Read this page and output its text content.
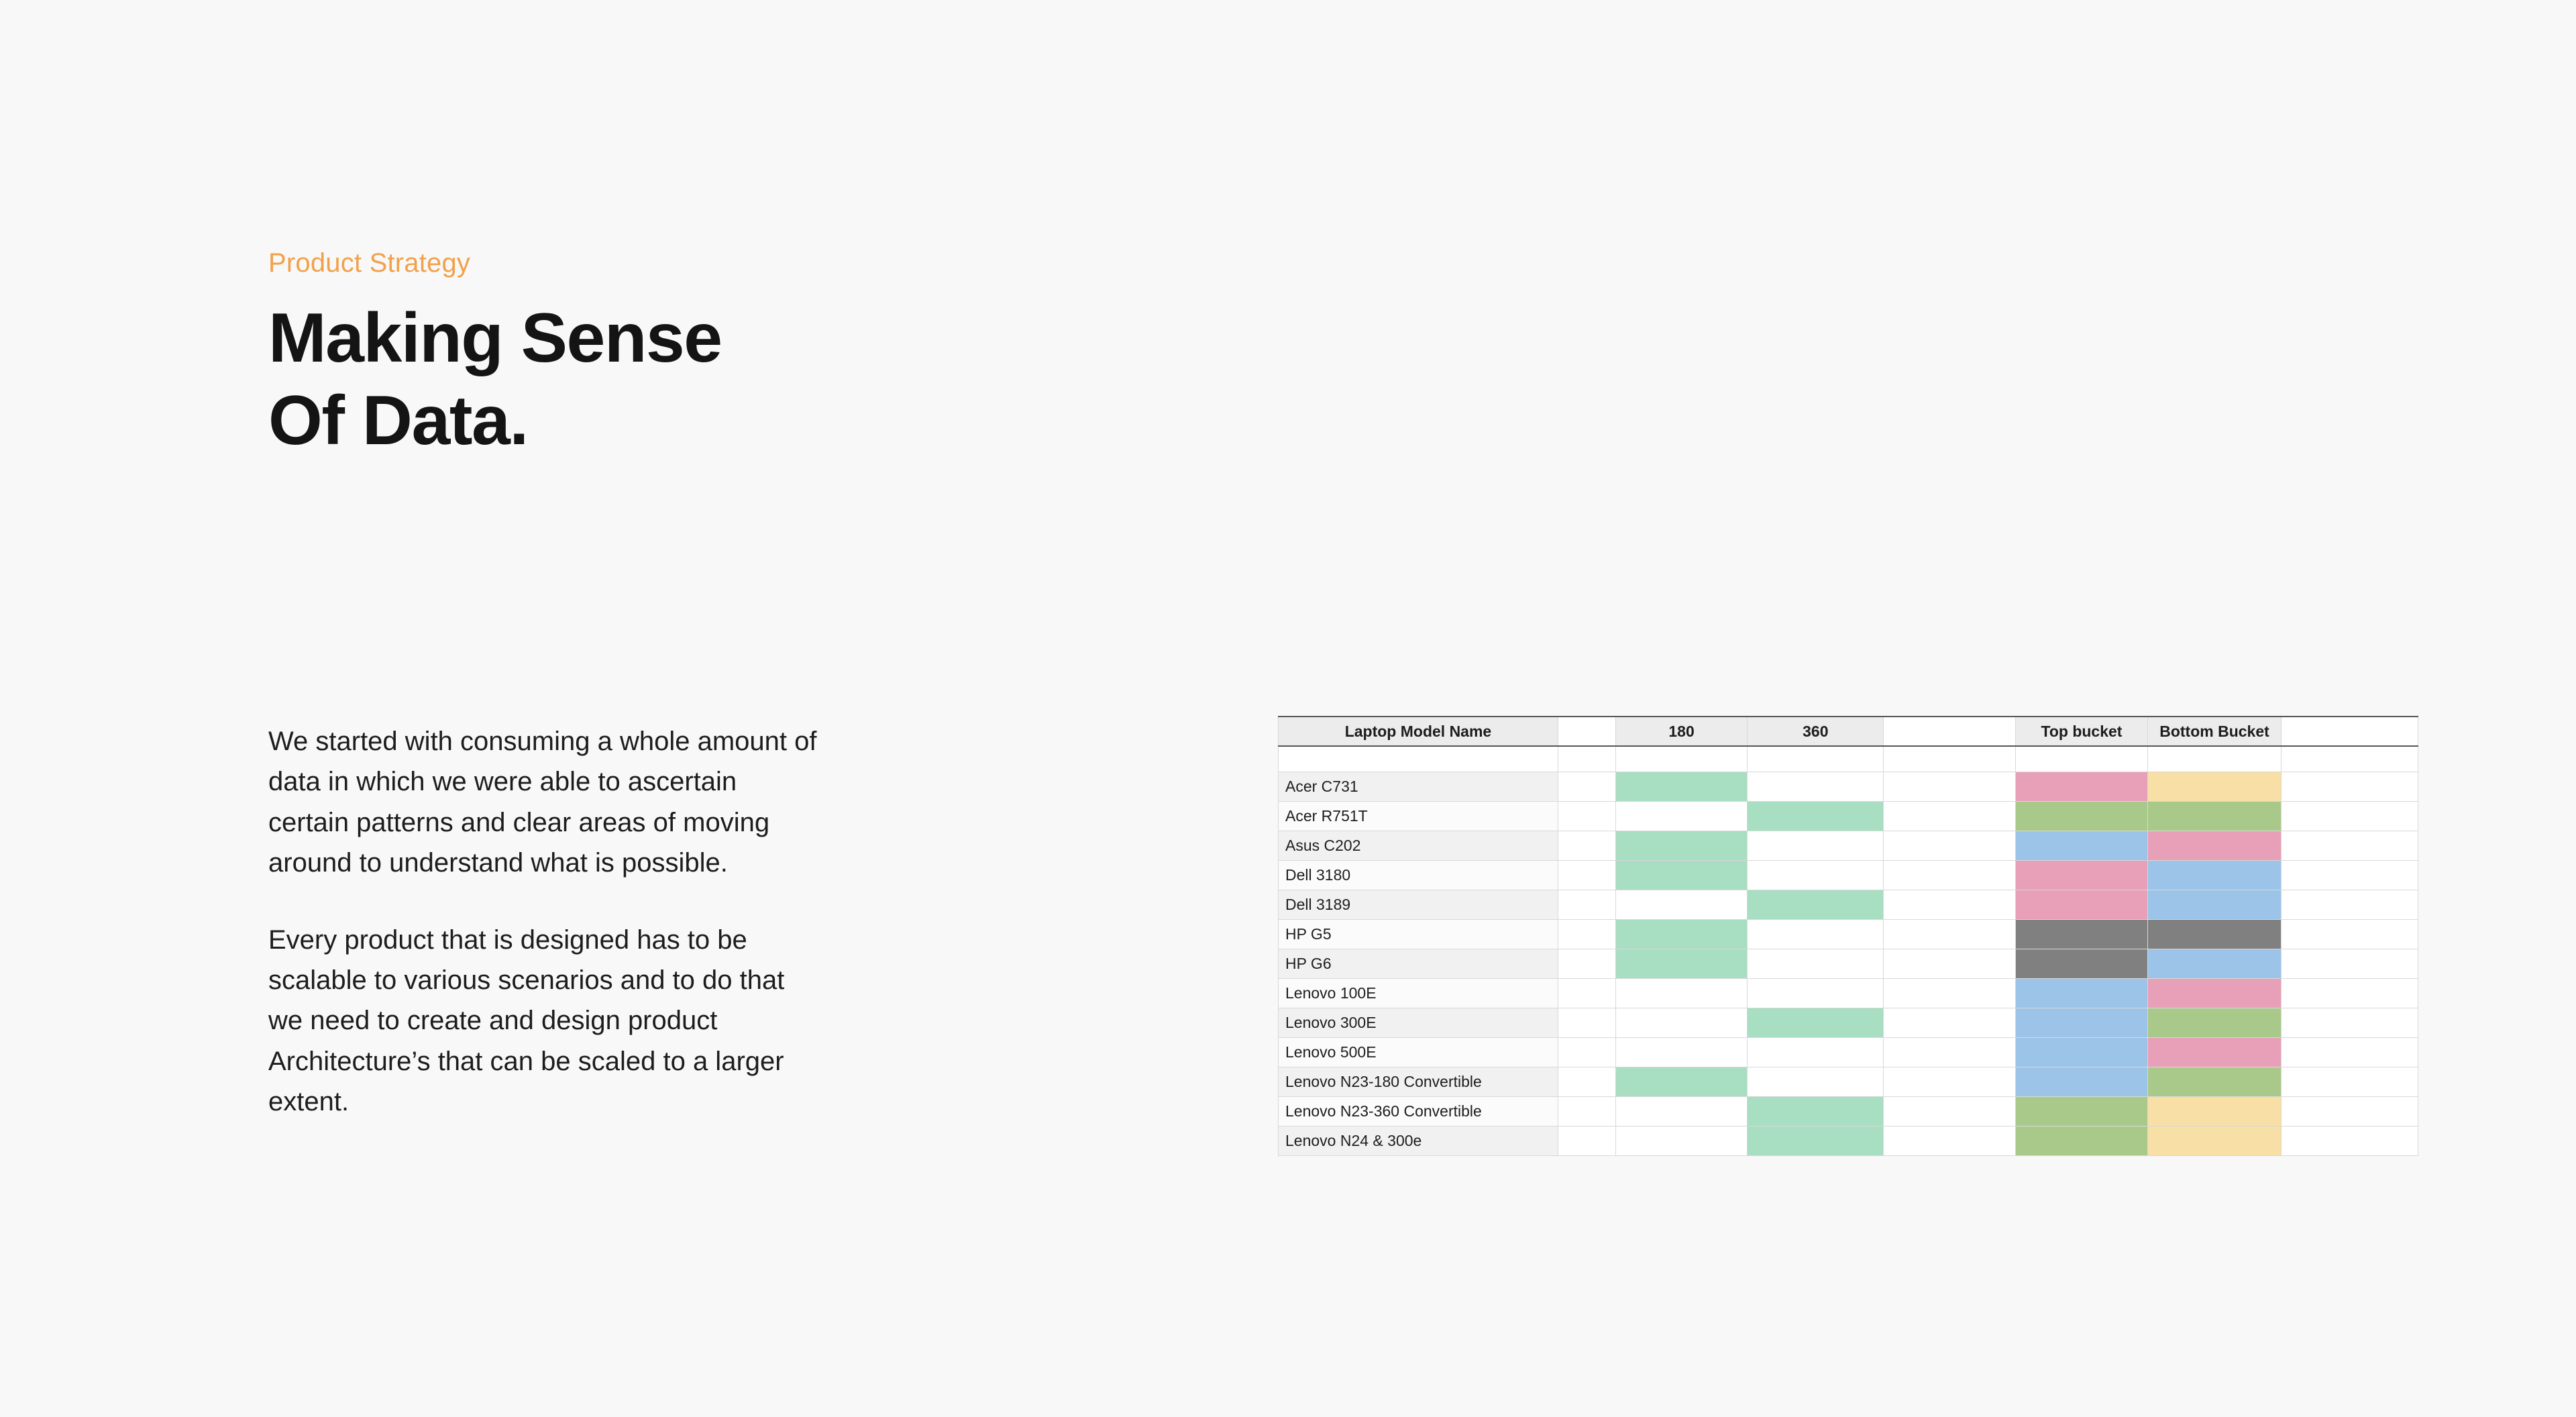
Product Strategy
Making Sense
Of Data.

We started with consuming a whole amount of data in which we were able to ascertain certain patterns and clear areas of moving around to understand what is possible.

Every product that is designed has to be scalable to various scenarios and to do that we need to create and design product Architecture’s that can be scaled to a larger extent.

Laptop Model Name		180	360		Top bucket	Bottom Bucket	

Acer C731							
Acer R751T							
Asus C202							
Dell 3180							
Dell 3189							
HP G5							
HP G6							
Lenovo 100E							
Lenovo 300E							
Lenovo 500E							
Lenovo N23-180 Convertible							
Lenovo N23-360 Convertible							
Lenovo N24 & 300e							
